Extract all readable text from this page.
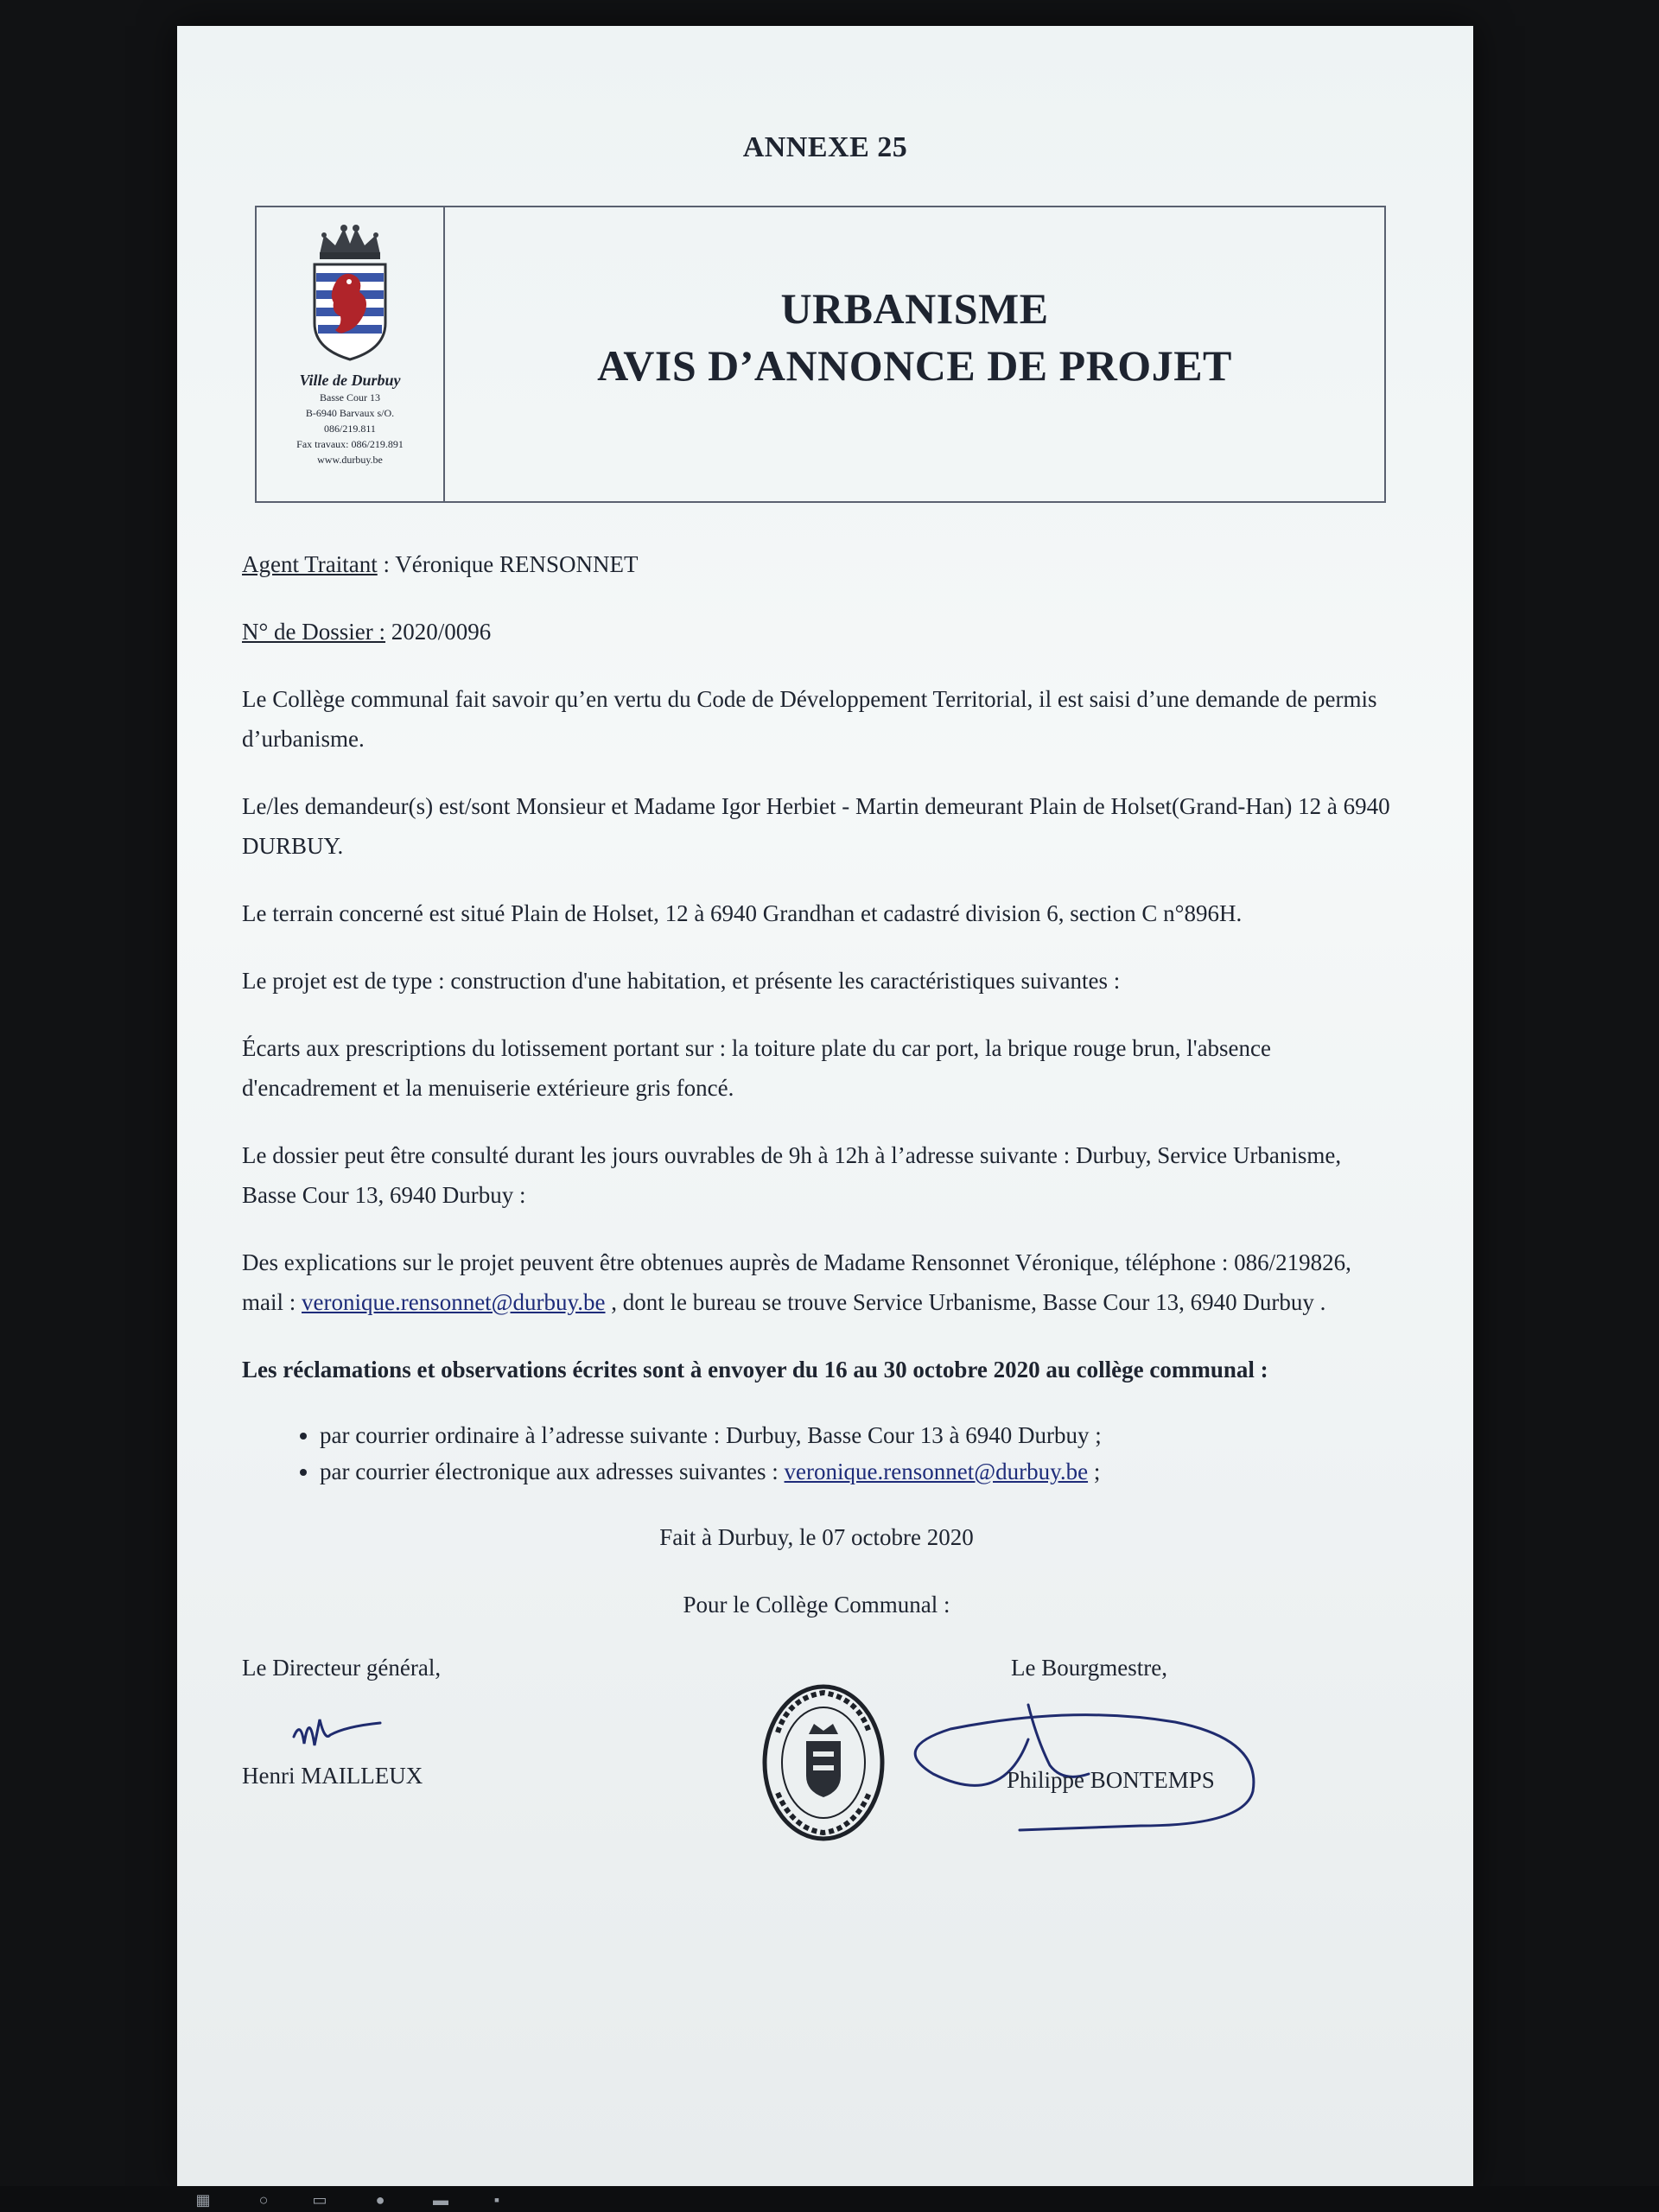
ANNEXE 25
Ville de Durbuy
Basse Cour 13
B-6940 Barvaux s/O.
086/219.811
Fax travaux: 086/219.891
www.durbuy.be
URBANISME
AVIS D’ANNONCE DE PROJET

Agent Traitant : Véronique RENSONNET

N° de Dossier : 2020/0096

Le Collège communal fait savoir qu’en vertu du Code de Développement Territorial, il est saisi d’une demande de permis d’urbanisme.

Le/les demandeur(s) est/sont Monsieur et Madame Igor Herbiet - Martin demeurant Plain de Holset(Grand-Han) 12 à 6940 DURBUY.

Le terrain concerné est situé Plain de Holset, 12 à 6940 Grandhan et cadastré division 6, section C n°896H.

Le projet est de type : construction d'une habitation, et présente les caractéristiques suivantes :

Écarts aux prescriptions du lotissement portant sur : la toiture plate du car port, la brique rouge brun, l'absence d'encadrement et la menuiserie extérieure gris foncé.

Le dossier peut être consulté durant les jours ouvrables de 9h à 12h à l’adresse suivante : Durbuy, Service Urbanisme, Basse Cour 13, 6940 Durbuy :

Des explications sur le projet peuvent être obtenues auprès de Madame Rensonnet Véronique, téléphone : 086/219826, mail : veronique.rensonnet@durbuy.be , dont le bureau se trouve Service Urbanisme, Basse Cour 13, 6940 Durbuy .

Les réclamations et observations écrites sont à envoyer du 16 au 30 octobre 2020 au collège communal :

• par courrier ordinaire à l’adresse suivante : Durbuy, Basse Cour 13 à 6940 Durbuy ;
• par courrier électronique aux adresses suivantes : veronique.rensonnet@durbuy.be ;

Fait à Durbuy, le 07 octobre 2020

Pour le Collège Communal :

Le Directeur général,
Henri MAILLEUX
Le Bourgmestre,
Philippe BONTEMPS
▦	○	▭	●	▬	▪
